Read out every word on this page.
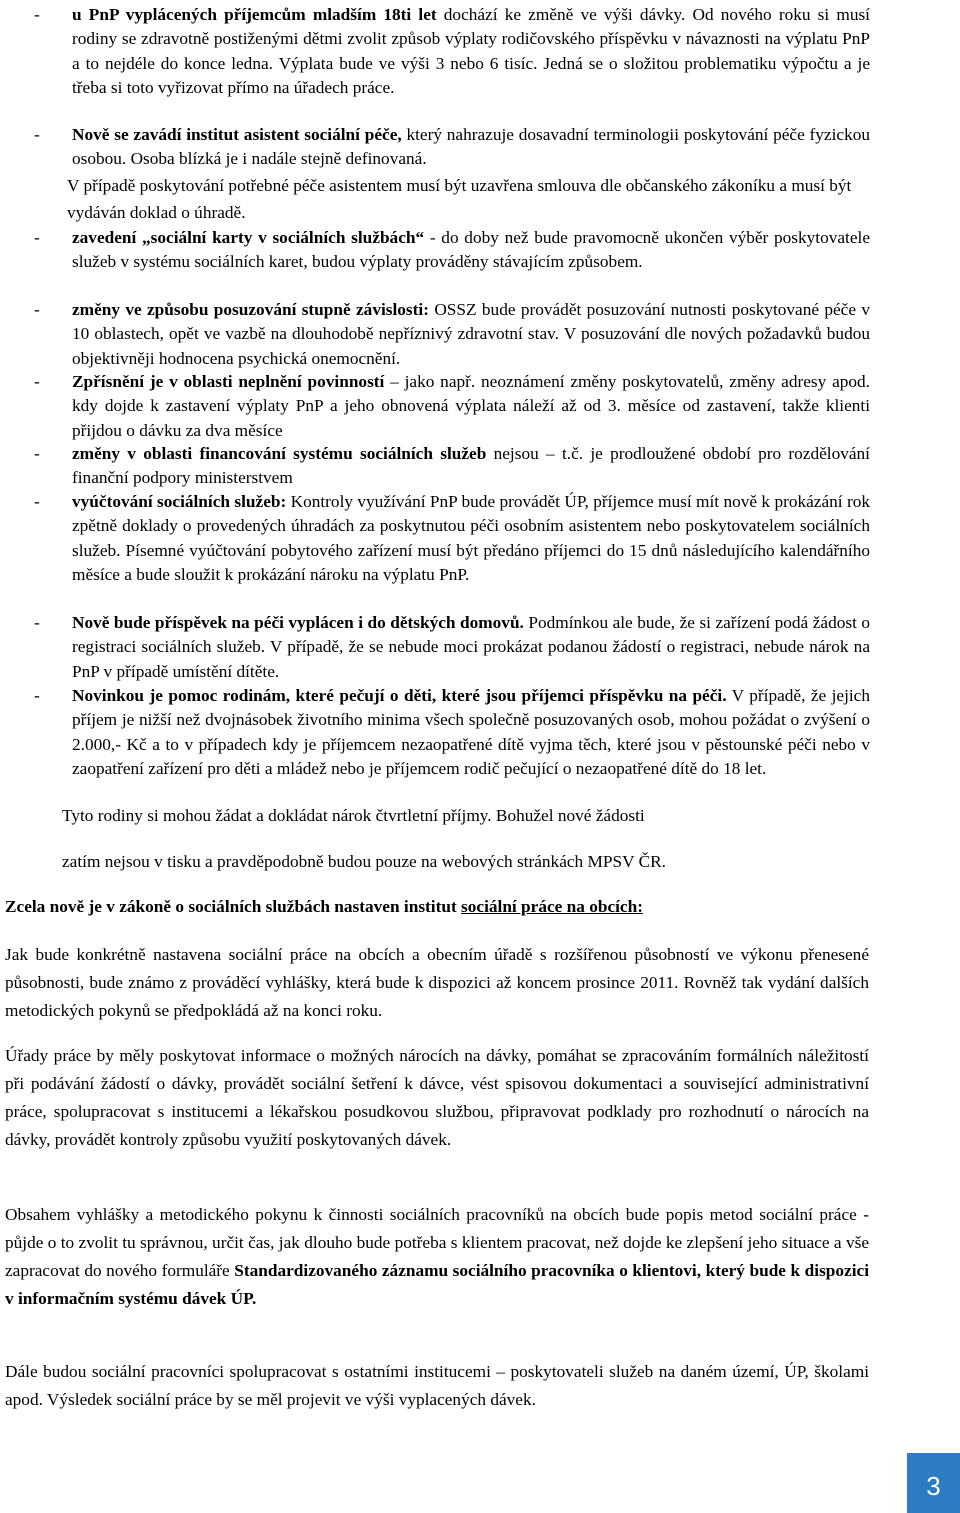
- u PnP vyplácených příjemcům mladším 18ti let dochází ke změně ve výši dávky. Od nového roku si musí rodiny se zdravotně postiženými dětmi zvolit způsob výplaty rodičovského příspěvku v návaznosti na výplatu PnP a to nejdéle do konce ledna. Výplata bude ve výši 3 nebo 6 tisíc. Jedná se o složitou problematiku výpočtu a je třeba si toto vyřizovat přímo na úřadech práce.
- Nově se zavádí institut asistent sociální péče, který nahrazuje dosavadní terminologii poskytování péče fyzickou osobou. Osoba blízká je i nadále stejně definovaná.
V případě poskytování potřebné péče asistentem musí být uzavřena smlouva dle občanského zákoníku a musí být vydáván doklad o úhradě.
- zavedení „sociální karty v sociálních službách“ - do doby než bude pravomocně ukončen výběr poskytovatele služeb v systému sociálních karet, budou výplaty prováděny stávajícím způsobem.
- změny ve způsobu posuzování stupně závislosti: OSSZ bude provádět posuzování nutnosti poskytované péče v 10 oblastech, opět ve vazbě na dlouhodobě nepříznivý zdravotní stav. V posuzování dle nových požadavků budou objektivněji hodnocena psychická onemocnění.
- Zpřísnění je v oblasti neplnění povinností – jako např. neoznámení změny poskytovatelů, změny adresy apod. kdy dojde k zastavení výplaty PnP a jeho obnovená výplata náleží až od 3. měsíce od zastavení, takže klienti přijdou o dávku za dva měsíce
- změny v oblasti financování systému sociálních služeb nejsou – t.č. je prodloužené období pro rozdělování finanční podpory ministerstvem
- vyúčtování sociálních služeb: Kontroly využívání PnP bude provádět ÚP, příjemce musí mít nově k prokázání rok zpětně doklady o provedených úhradách za poskytnutou péči osobním asistentem nebo poskytovatelem sociálních služeb. Písemné vyúčtování pobytového zařízení musí být předáno příjemci do 15 dnů následujícího kalendářního měsíce a bude sloužit k prokázání nároku na výplatu PnP.
- Nově bude příspěvek na péči vyplácen i do dětských domovů. Podmínkou ale bude, že si zařízení podá žádost o registraci sociálních služeb. V případě, že se nebude moci prokázat podanou žádostí o registraci, nebude nárok na PnP v případě umístění dítěte.
- Novinkou je pomoc rodinám, které pečují o děti, které jsou příjemci příspěvku na péči. V případě, že jejich příjem je nižší než dvojnásobek životního minima všech společně posuzovaných osob, mohou požádat o zvýšení o 2.000,- Kč a to v případech kdy je příjemcem nezaopatřené dítě vyjma těch, které jsou v pěstounské péči nebo v zaopatření zařízení pro děti a mládež nebo je příjemcem rodič pečující o nezaopatřené dítě do 18 let.
Tyto rodiny si mohou žádat a dokládat nárok čtvrtletní příjmy. Bohužel nové žádosti
zatím nejsou v tisku a pravděpodobně budou pouze na webových stránkách MPSV ČR.
Zcela nově je v zákoně o sociálních službách nastaven institut sociální práce na obcích:
Jak bude konkrétně nastavena sociální práce na obcích a obecním úřadě s rozšířenou působností ve výkonu přenesené působnosti, bude známo z prováděcí vyhlášky, která bude k dispozici až koncem prosince 2011. Rovněž tak vydání dalších metodických pokynů se předpokládá až na konci roku.
Úřady práce by měly poskytovat informace o možných nárocích na dávky, pomáhat se zpracováním formálních náležitostí při podávání žádostí o dávky, provádět sociální šetření k dávce, vést spisovou dokumentaci a související administrativní práce, spolupracovat s institucemi a lékařskou posudkovou službou, připravovat podklady pro rozhodnutí o nárocích na dávky, provádět kontroly způsobu využití poskytovaných dávek.
Obsahem vyhlášky a metodického pokynu k činnosti sociálních pracovníků na obcích bude popis metod sociální práce - půjde o to zvolit tu správnou, určit čas, jak dlouho bude potřeba s klientem pracovat, než dojde ke zlepšení jeho situace a vše zapracovat do nového formuláře Standardizovaného záznamu sociálního pracovníka o klientovi, který bude k dispozici v informačním systému dávek ÚP.
Dále budou sociální pracovníci spolupracovat s ostatními institucemi – poskytovateli služeb na daném území, ÚP, školami apod. Výsledek sociální práce by se měl projevit ve výši vyplacených dávek.
3
